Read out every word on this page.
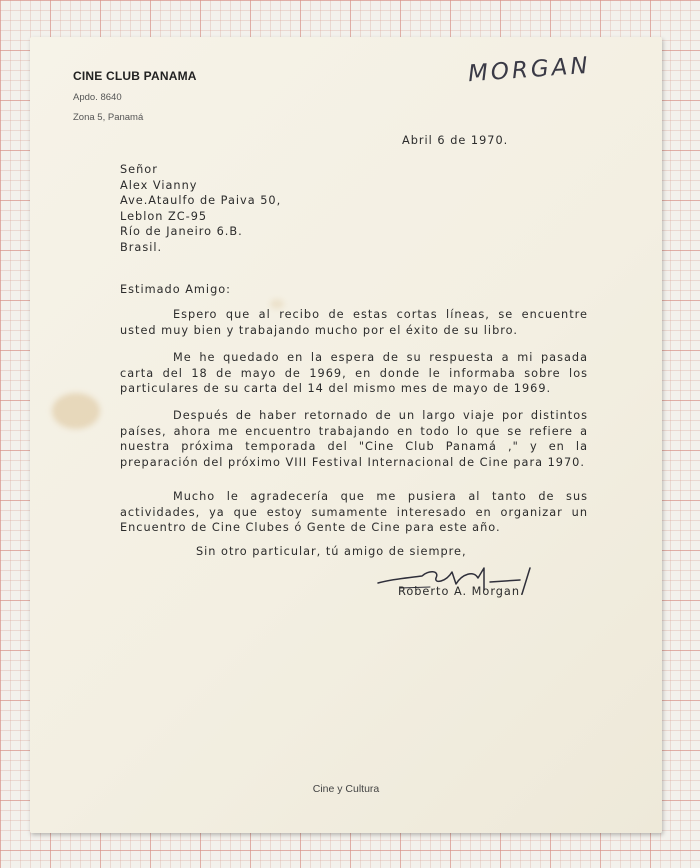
CINE CLUB PANAMA
Apdo. 8640
Zona 5, Panamá
MORGAN
Abril 6 de 1970.
Señor
Alex Vianny
Ave.Ataulfo de Paiva 50,
Leblon ZC-95
Río de Janeiro 6.B.
Brasil.
Estimado Amigo:
Espero que al recibo de estas cortas líneas, se encuentre usted muy bien y trabajando mucho por el éxito de su libro.
Me he quedado en la espera de su respuesta a mi pasada carta del 18 de mayo de 1969, en donde le informaba sobre los particulares de su carta del 14 del mismo mes de mayo de 1969.
Después de haber retornado de un largo viaje por distintos países, ahora me encuentro trabajando en todo lo que se refiere a nuestra próxima temporada del "Cine Club Panamá ," y en la preparación del próximo VIII Festival Internacional de Cine para 1970.
Mucho le agradecería que me pusiera al tanto de sus actividades, ya que estoy sumamente interesado en organizar un Encuentro de Cine Clubes ó Gente de Cine para este año.
Sin otro particular, tú amigo de siempre,
Roberto A. Morgan.
Cine y Cultura
